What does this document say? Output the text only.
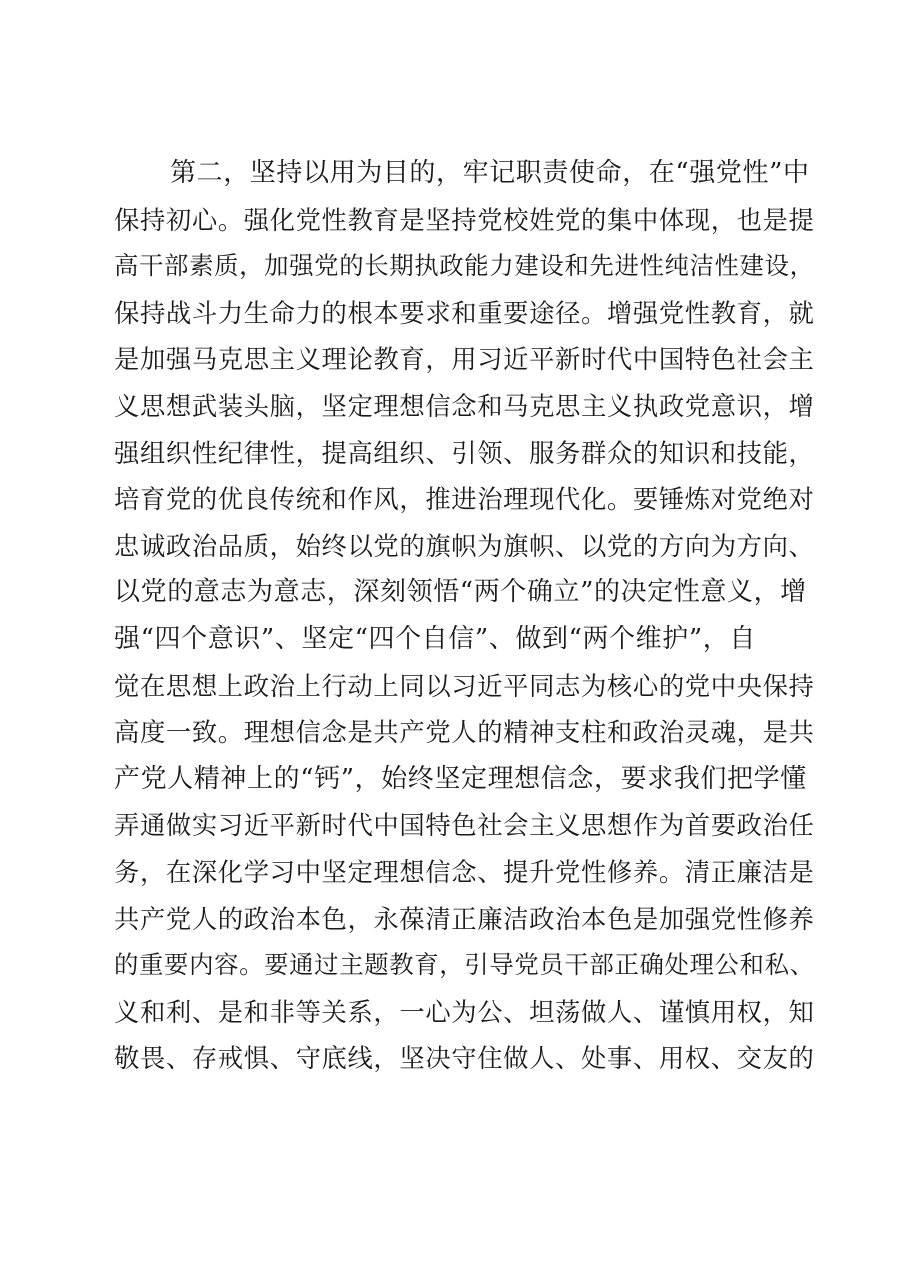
第二，坚持以用为目的，牢记职责使命，在“强党性”中
保持初心。强化党性教育是坚持党校姓党的集中体现，也是提
高干部素质，加强党的长期执政能力建设和先进性纯洁性建设，
保持战斗力生命力的根本要求和重要途径。增强党性教育，就
是加强马克思主义理论教育，用习近平新时代中国特色社会主
义思想武装头脑，坚定理想信念和马克思主义执政党意识，增
强组织性纪律性，提高组织、引领、服务群众的知识和技能，
培育党的优良传统和作风，推进治理现代化。要锤炼对党绝对
忠诚政治品质，始终以党的旗帜为旗帜、以党的方向为方向、
以党的意志为意志，深刻领悟“两个确立”的决定性意义，增
强“四个意识”、坚定“四个自信”、做到“两个维护”，自
觉在思想上政治上行动上同以习近平同志为核心的党中央保持
高度一致。理想信念是共产党人的精神支柱和政治灵魂，是共
产党人精神上的“钙”，始终坚定理想信念，要求我们把学懂
弄通做实习近平新时代中国特色社会主义思想作为首要政治任
务，在深化学习中坚定理想信念、提升党性修养。清正廉洁是
共产党人的政治本色，永葆清正廉洁政治本色是加强党性修养
的重要内容。要通过主题教育，引导党员干部正确处理公和私、
义和利、是和非等关系，一心为公、坦荡做人、谨慎用权，知
敬畏、存戒惧、守底线，坚决守住做人、处事、用权、交友的
